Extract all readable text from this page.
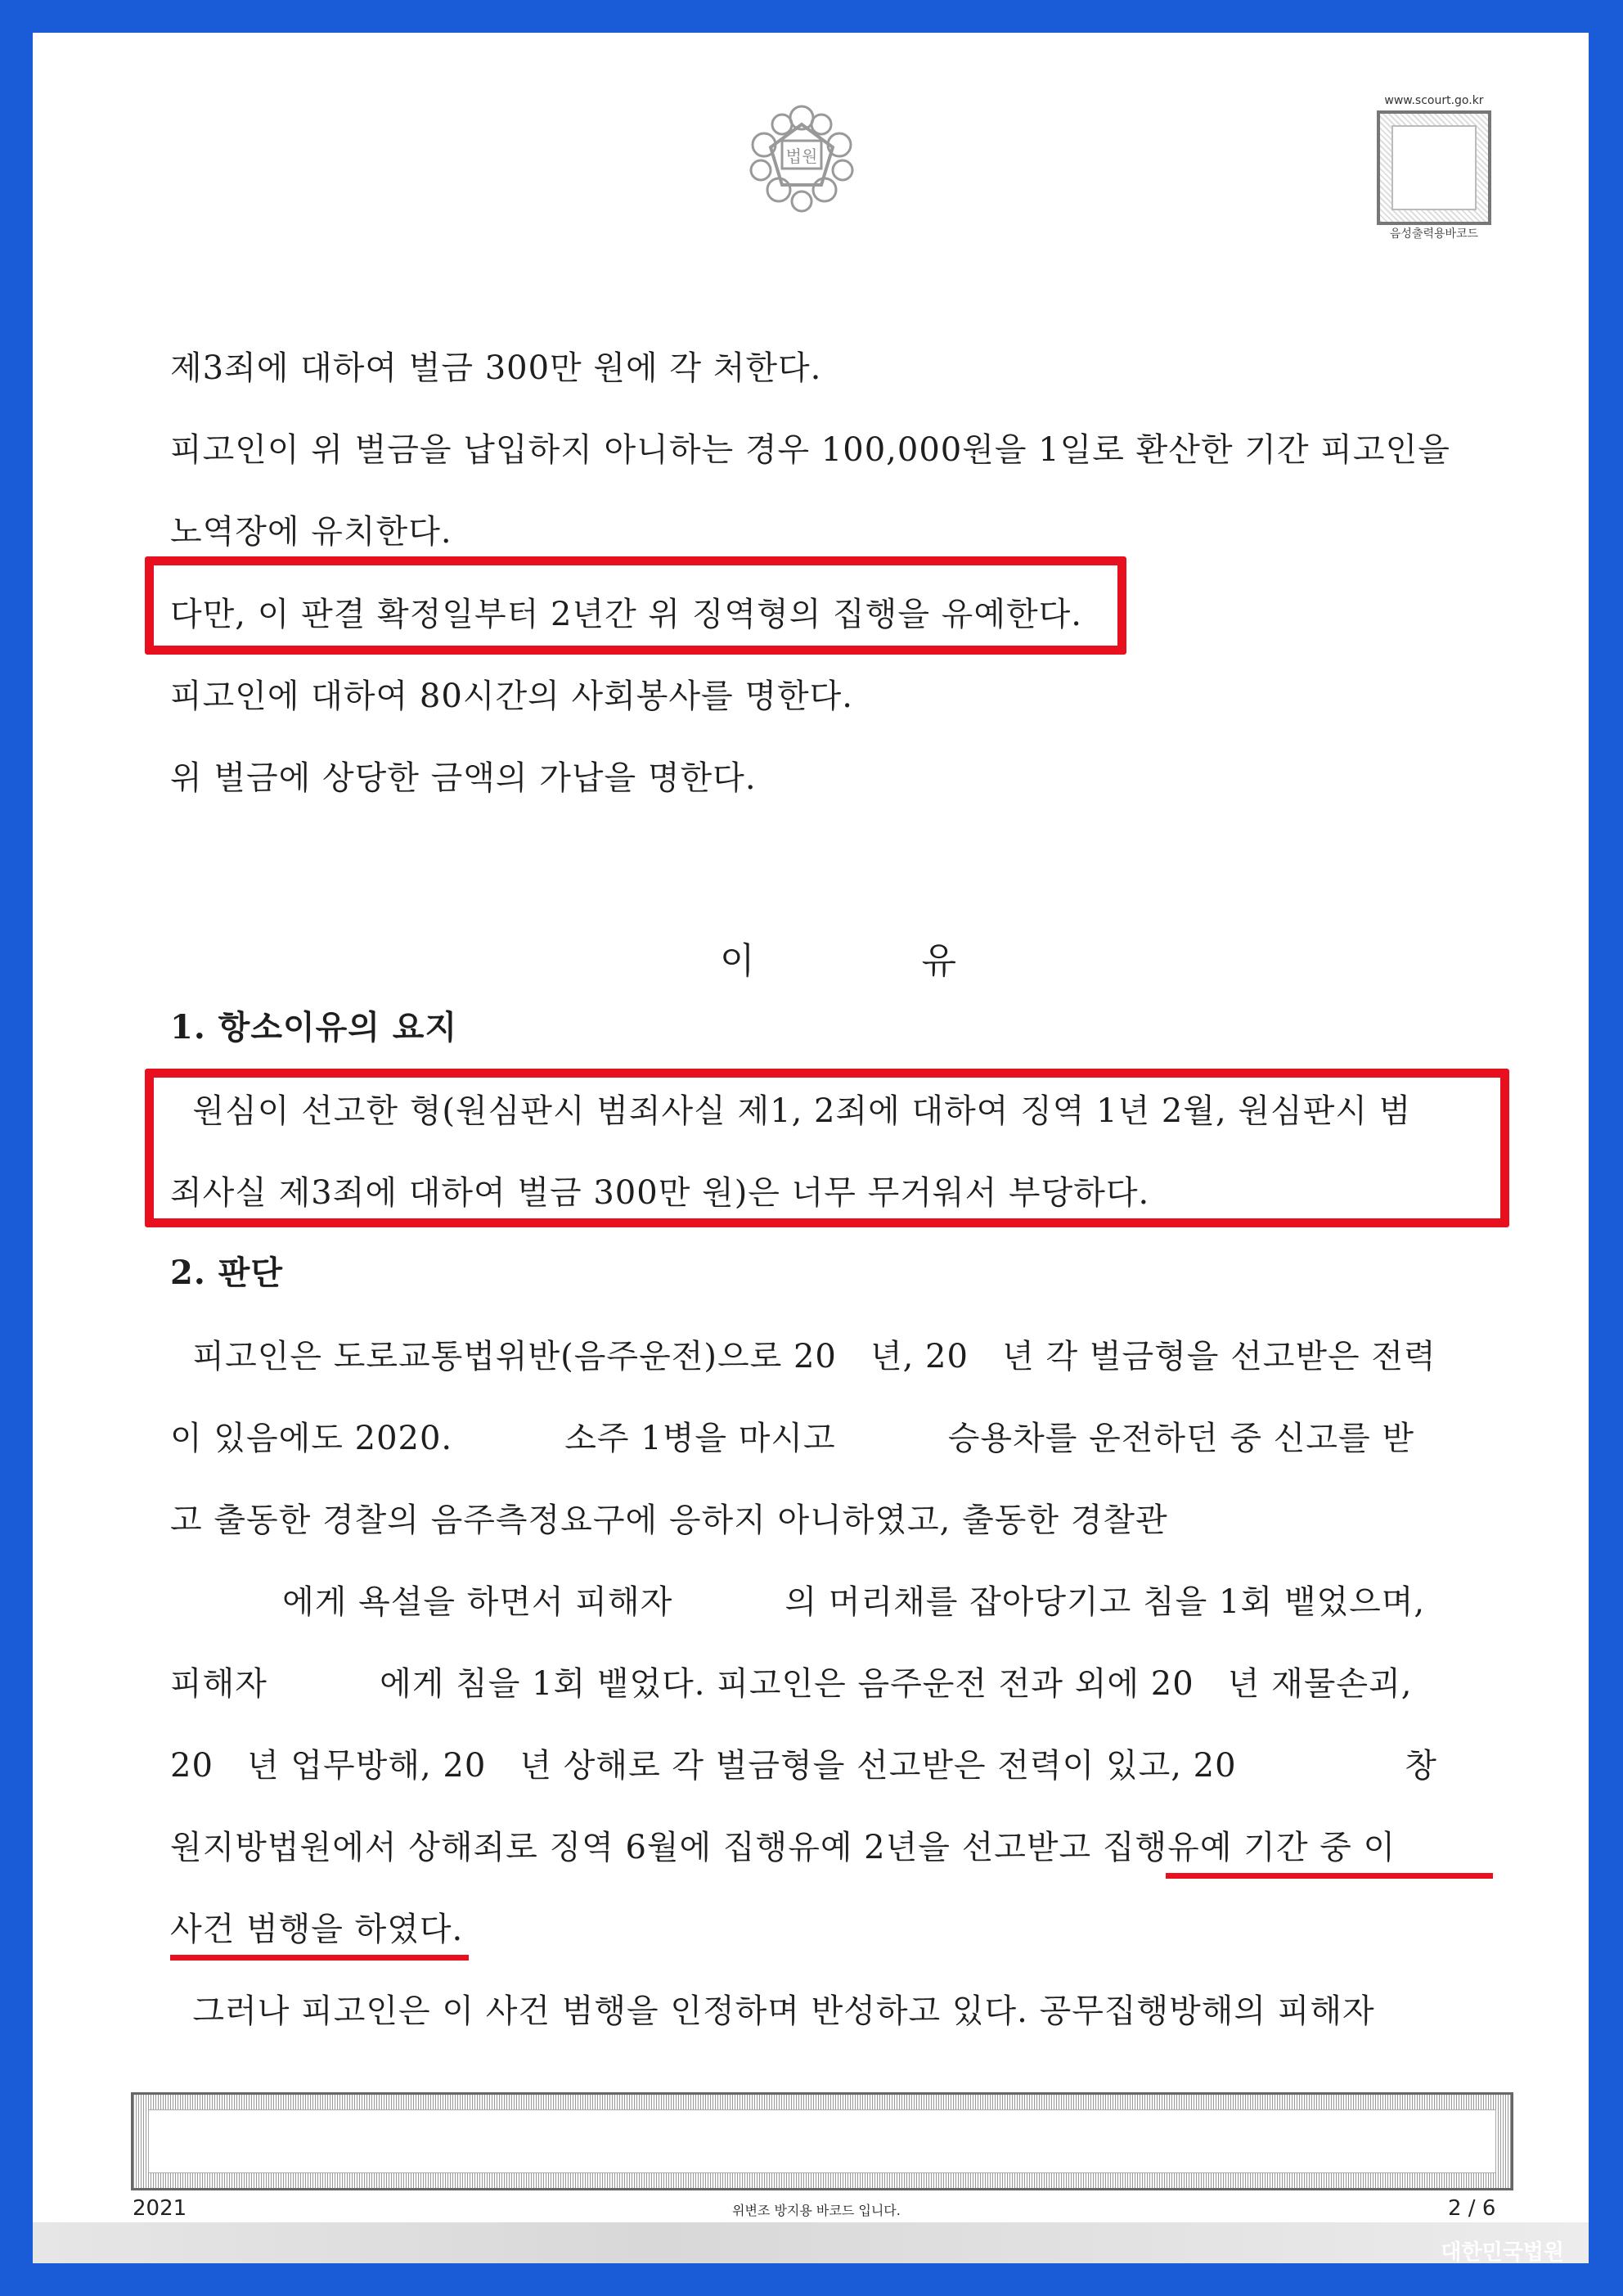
법원
www.scourt.go.kr
음성출력용바코드
제3죄에 대하여 벌금 300만 원에 각 처한다.
피고인이 위 벌금을 납입하지 아니하는 경우 100,000원을 1일로 환산한 기간 피고인을
노역장에 유치한다.
다만, 이 판결 확정일부터 2년간 위 징역형의 집행을 유예한다.
피고인에 대하여 80시간의 사회봉사를 명한다.
위 벌금에 상당한 금액의 가납을 명한다.
이	유
1. 항소이유의 요지
원심이 선고한 형(원심판시 범죄사실 제1, 2죄에 대하여 징역 1년 2월, 원심판시 범
죄사실 제3죄에 대하여 벌금 300만 원)은 너무 무거워서 부당하다.
2. 판단
피고인은 도로교통법위반(음주운전)으로 20   년, 20   년 각 벌금형을 선고받은 전력
이 있음에도 2020.          소주 1병을 마시고          승용차를 운전하던 중 신고를 받
고 출동한 경찰의 음주측정요구에 응하지 아니하였고, 출동한 경찰관
에게 욕설을 하면서 피해자          의 머리채를 잡아당기고 침을 1회 뱉었으며,
피해자          에게 침을 1회 뱉었다. 피고인은 음주운전 전과 외에 20   년 재물손괴,
20   년 업무방해, 20   년 상해로 각 벌금형을 선고받은 전력이 있고, 20               창
원지방법원에서 상해죄로 징역 6월에 집행유예 2년을 선고받고 집행유예 기간 중 이
사건 범행을 하였다.
그러나 피고인은 이 사건 범행을 인정하며 반성하고 있다. 공무집행방해의 피해자
2021	위변조 방지용 바코드 입니다.	2 / 6
대한민국법원
